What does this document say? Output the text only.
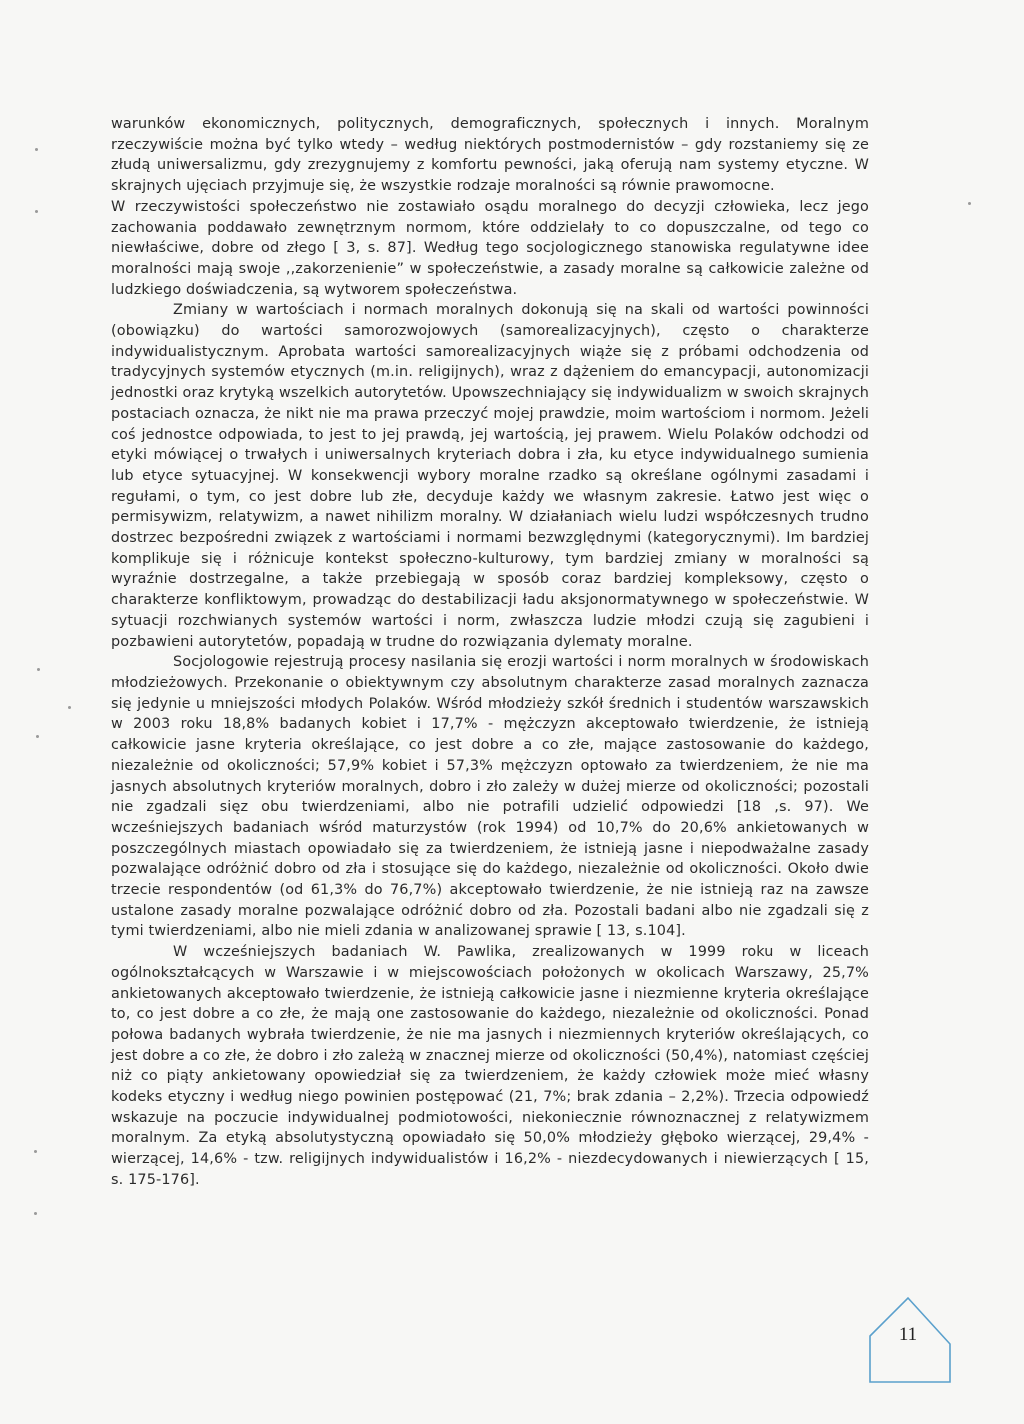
warunków ekonomicznych, politycznych, demograficznych, społecznych i innych. Moralnym rzeczywiście można być tylko wtedy – według niektórych postmodernistów – gdy rozstaniemy się ze złudą uniwersalizmu, gdy zrezygnujemy z komfortu pewności, jaką oferują nam systemy etyczne. W skrajnych ujęciach przyjmuje się, że wszystkie rodzaje moralności są równie prawomocne.

W rzeczywistości społeczeństwo nie zostawiało osądu moralnego do decyzji człowieka, lecz jego zachowania poddawało zewnętrznym normom, które oddzielały to co dopuszczalne, od tego co niewłaściwe, dobre od złego [ 3, s. 87]. Według tego socjologicznego stanowiska regulatywne idee moralności mają swoje ,,zakorzenienie” w społeczeństwie, a zasady moralne są całkowicie zależne od ludzkiego doświadczenia, są wytworem społeczeństwa.

Zmiany w wartościach i normach moralnych dokonują się na skali od wartości powinności (obowiązku) do wartości samorozwojowych (samorealizacyjnych), często o charakterze indywidualistycznym. Aprobata wartości samorealizacyjnych wiąże się z próbami odchodzenia od tradycyjnych systemów etycznych (m.in. religijnych), wraz z dążeniem do emancypacji, autonomizacji jednostki oraz krytyką wszelkich autorytetów. Upowszechniający się indywidualizm w swoich skrajnych postaciach oznacza, że nikt nie ma prawa przeczyć mojej prawdzie, moim wartościom i normom. Jeżeli coś jednostce odpowiada, to jest to jej prawdą, jej wartością, jej prawem. Wielu Polaków odchodzi od etyki mówiącej o trwałych i uniwersalnych kryteriach dobra i zła, ku etyce indywidualnego sumienia lub etyce sytuacyjnej. W konsekwencji wybory moralne rzadko są określane ogólnymi zasadami i regułami, o tym, co jest dobre lub złe, decyduje każdy we własnym zakresie. Łatwo jest więc o permisywizm, relatywizm, a nawet nihilizm moralny. W działaniach wielu ludzi współczesnych trudno dostrzec bezpośredni związek z wartościami i normami bezwzględnymi (kategorycznymi). Im bardziej komplikuje się i różnicuje kontekst społeczno-kulturowy, tym bardziej zmiany w moralności są wyraźnie dostrzegalne, a także przebiegają w sposób coraz bardziej kompleksowy, często o charakterze konfliktowym, prowadząc do destabilizacji ładu aksjonormatywnego w społeczeństwie. W sytuacji rozchwianych systemów wartości i norm, zwłaszcza ludzie młodzi czują się zagubieni i pozbawieni autorytetów, popadają w trudne do rozwiązania dylematy moralne.

Socjologowie rejestrują procesy nasilania się erozji wartości i norm moralnych w środowiskach młodzieżowych. Przekonanie o obiektywnym czy absolutnym charakterze zasad moralnych zaznacza się jedynie u mniejszości młodych Polaków. Wśród młodzieży szkół średnich i studentów warszawskich w 2003 roku 18,8% badanych kobiet i 17,7% - mężczyzn akceptowało twierdzenie, że istnieją całkowicie jasne kryteria określające, co jest dobre a co złe, mające zastosowanie do każdego, niezależnie od okoliczności; 57,9% kobiet i 57,3% mężczyzn optowało za twierdzeniem, że nie ma jasnych absolutnych kryteriów moralnych, dobro i zło zależy w dużej mierze od okoliczności; pozostali nie zgadzali sięz obu twierdzeniami, albo nie potrafili udzielić odpowiedzi [18 ,s. 97). We wcześniejszych badaniach wśród maturzystów (rok 1994) od 10,7% do 20,6% ankietowanych w poszczególnych miastach opowiadało się za twierdzeniem, że istnieją jasne i niepodważalne zasady pozwalające odróżnić dobro od zła i stosujące się do każdego, niezależnie od okoliczności. Około dwie trzecie respondentów (od 61,3% do 76,7%) akceptowało twierdzenie, że nie istnieją raz na zawsze ustalone zasady moralne pozwalające odróżnić dobro od zła. Pozostali badani albo nie zgadzali się z tymi twierdzeniami, albo nie mieli zdania w analizowanej sprawie [ 13, s.104].

W wcześniejszych badaniach W. Pawlika, zrealizowanych w 1999 roku w liceach ogólnokształcących w Warszawie i w miejscowościach położonych w okolicach Warszawy, 25,7% ankietowanych akceptowało twierdzenie, że istnieją całkowicie jasne i niezmienne kryteria określające to, co jest dobre a co złe, że mają one zastosowanie do każdego, niezależnie od okoliczności. Ponad połowa badanych wybrała twierdzenie, że nie ma jasnych i niezmiennych kryteriów określających, co jest dobre a co złe, że dobro i zło zależą w znacznej mierze od okoliczności (50,4%), natomiast częściej niż co piąty ankietowany opowiedział się za twierdzeniem, że każdy człowiek może mieć własny kodeks etyczny i według niego powinien postępować (21, 7%; brak zdania – 2,2%). Trzecia odpowiedź wskazuje na poczucie indywidualnej podmiotowości, niekoniecznie równoznacznej z relatywizmem moralnym. Za etyką absolutystyczną opowiadało się 50,0% młodzieży głęboko wierzącej, 29,4% - wierzącej, 14,6% - tzw. religijnych indywidualistów i 16,2% - niezdecydowanych i niewierzących [ 15, s. 175-176].

11
